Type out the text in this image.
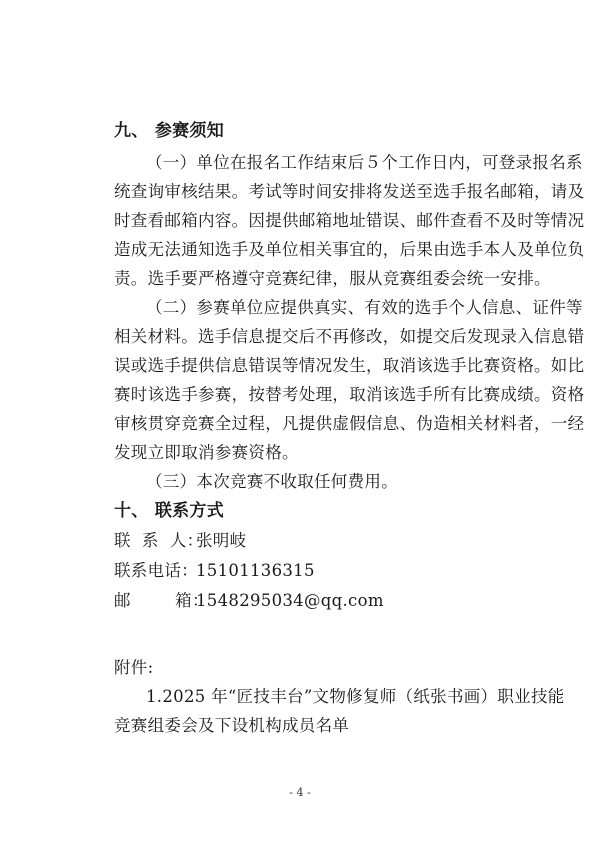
九、 参赛须知
（一）单位在报名工作结束后５个工作日内，可登录报名系
统查询审核结果。考试等时间安排将发送至选手报名邮箱，请及
时查看邮箱内容。因提供邮箱地址错误、邮件查看不及时等情况
造成无法通知选手及单位相关事宜的，后果由选手本人及单位负
责。选手要严格遵守竞赛纪律，服从竞赛组委会统一安排。
（二）参赛单位应提供真实、有效的选手个人信息、证件等
相关材料。选手信息提交后不再修改，如提交后发现录入信息错
误或选手提供信息错误等情况发生，取消该选手比赛资格。如比
赛时该选手参赛，按替考处理，取消该选手所有比赛成绩。资格
审核贯穿竞赛全过程，凡提供虚假信息、伪造相关材料者，一经
发现立即取消参赛资格。
（三）本次竞赛不收取任何费用。
十、 联系方式
联  系  人：张明岐
联系电话：15101136315
邮        箱：1548295034@qq.com
附件:
1.2025 年“匠技丰台”文物修复师（纸张书画）职业技能
竞赛组委会及下设机构成员名单
- 4 -
